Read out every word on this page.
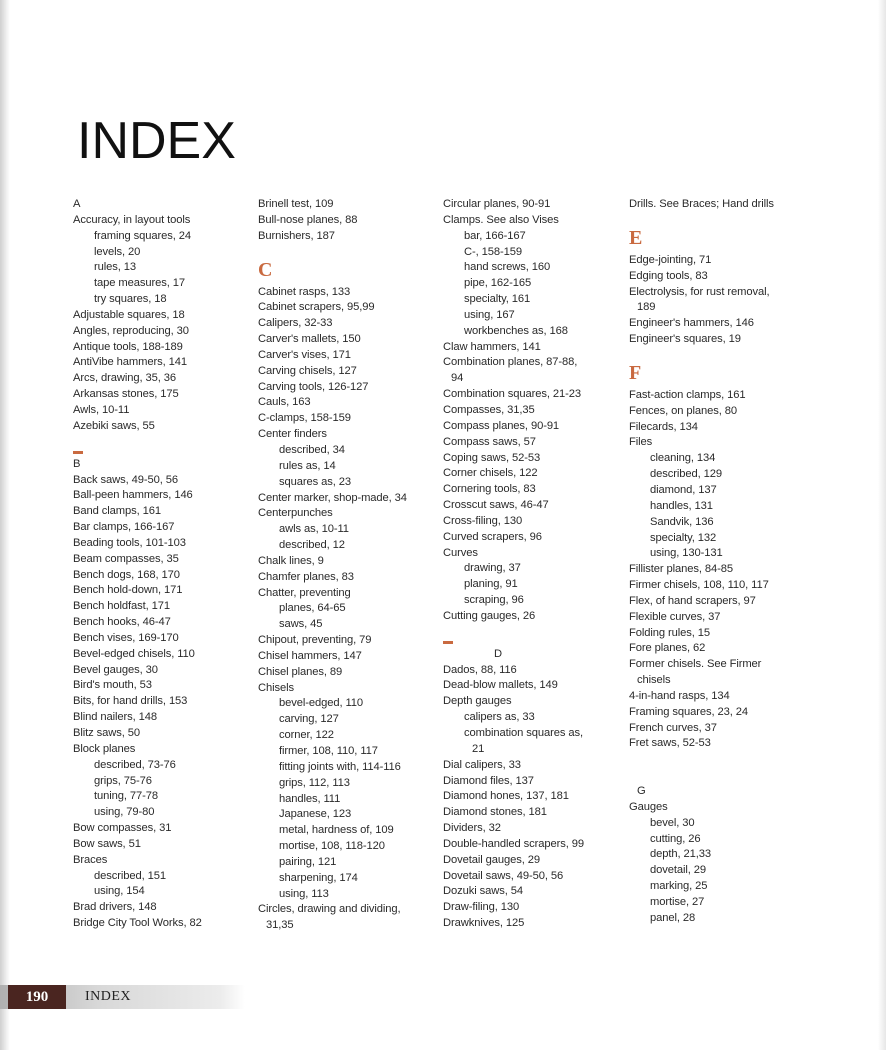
INDEX
A
Accuracy, in layout tools
framing squares, 24
levels, 20
rules, 13
tape measures, 17
try squares, 18
Adjustable squares, 18
Angles, reproducing, 30
Antique tools, 188-189
AntiVibe hammers, 141
Arcs, drawing, 35, 36
Arkansas stones, 175
Awls, 10-11
Azebiki saws, 55
B
Back saws, 49-50, 56
Ball-peen hammers, 146
Band clamps, 161
Bar clamps, 166-167
Beading tools, 101-103
Beam compasses, 35
Bench dogs, 168, 170
Bench hold-down, 171
Bench holdfast, 171
Bench hooks, 46-47
Bench vises, 169-170
Bevel-edged chisels, 110
Bevel gauges, 30
Bird's mouth, 53
Bits, for hand drills, 153
Blind nailers, 148
Blitz saws, 50
Block planes
described, 73-76
grips, 75-76
tuning, 77-78
using, 79-80
Bow compasses, 31
Bow saws, 51
Braces
described, 151
using, 154
Brad drivers, 148
Bridge City Tool Works, 82
Brinell test, 109
Bull-nose planes, 88
Burnishers, 187
C
Cabinet rasps, 133
Cabinet scrapers, 95,99
Calipers, 32-33
Carver's mallets, 150
Carver's vises, 171
Carving chisels, 127
Carving tools, 126-127
Cauls, 163
C-clamps, 158-159
Center finders
described, 34
rules as, 14
squares as, 23
Center marker, shop-made, 34
Centerpunches
awls as, 10-11
described, 12
Chalk lines, 9
Chamfer planes, 83
Chatter, preventing
planes, 64-65
saws, 45
Chipout, preventing, 79
Chisel hammers, 147
Chisel planes, 89
Chisels
bevel-edged, 110
carving, 127
corner, 122
firmer, 108, 110, 117
fitting joints with, 114-116
grips, 112, 113
handles, 111
Japanese, 123
metal, hardness of, 109
mortise, 108, 118-120
pairing, 121
sharpening, 174
using, 113
Circles, drawing and dividing,
31,35
Circular planes, 90-91
Clamps. See also Vises
bar, 166-167
C-, 158-159
hand screws, 160
pipe, 162-165
specialty, 161
using, 167
workbenches as, 168
Claw hammers, 141
Combination planes, 87-88,
94
Combination squares, 21-23
Compasses, 31,35
Compass planes, 90-91
Compass saws, 57
Coping saws, 52-53
Corner chisels, 122
Cornering tools, 83
Crosscut saws, 46-47
Cross-filing, 130
Curved scrapers, 96
Curves
drawing, 37
planing, 91
scraping, 96
Cutting gauges, 26
D
Dados, 88, 116
Dead-blow mallets, 149
Depth gauges
calipers as, 33
combination squares as,
21
Dial calipers, 33
Diamond files, 137
Diamond hones, 137, 181
Diamond stones, 181
Dividers, 32
Double-handled scrapers, 99
Dovetail gauges, 29
Dovetail saws, 49-50, 56
Dozuki saws, 54
Draw-filing, 130
Drawknives, 125
Drills. See Braces; Hand drills
E
Edge-jointing, 71
Edging tools, 83
Electrolysis, for rust removal,
189
Engineer's hammers, 146
Engineer's squares, 19
F
Fast-action clamps, 161
Fences, on planes, 80
Filecards, 134
Files
cleaning, 134
described, 129
diamond, 137
handles, 131
Sandvik, 136
specialty, 132
using, 130-131
Fillister planes, 84-85
Firmer chisels, 108, 110, 117
Flex, of hand scrapers, 97
Flexible curves, 37
Folding rules, 15
Fore planes, 62
Former chisels. See Firmer
chisels
4-in-hand rasps, 134
Framing squares, 23, 24
French curves, 37
Fret saws, 52-53
G
Gauges
bevel, 30
cutting, 26
depth, 21,33
dovetail, 29
marking, 25
mortise, 27
panel, 28
190	INDEX
